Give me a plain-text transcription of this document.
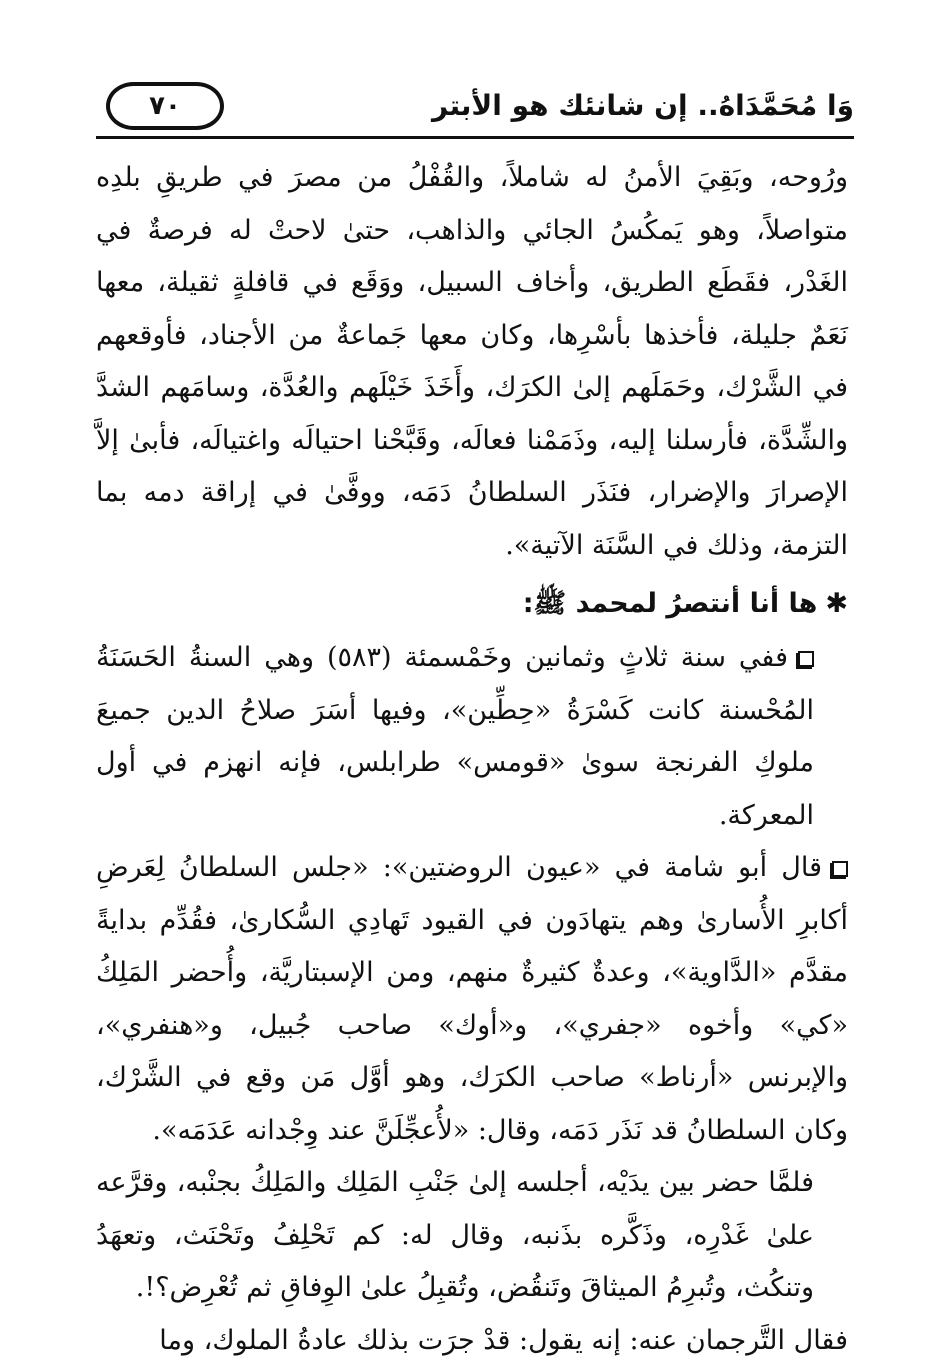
وَا مُحَمَّدَاهُ.. إن شانئك هو الأبتر
٧٠

ورُوحه، وبَقِيَ الأمنُ له شاملاً، والقُفْلُ من مصرَ في طريقِ بلدِه متواصلاً، وهو يَمكُسُ الجائي والذاهب، حتىٰ لاحتْ له فرصةٌ في الغَدْر، فقَطَع الطريق، وأخاف السبيل، ووَقَع في قافلةٍ ثقيلة، معها نَعَمٌ جليلة، فأخذها بأسْرِها، وكان معها جَماعةٌ من الأجناد، فأوقعهم في الشَّرْك، وحَمَلَهم إلىٰ الكرَك، وأَخَذَ خَيْلَهم والعُدَّة، وسامَهم الشدَّ والشِّدَّة، فأرسلنا إليه، وذَمَمْنا فعالَه، وقَبَّحْنا احتيالَه واغتيالَه، فأبىٰ إلاَّ الإصرارَ والإضرار، فنَذَر السلطانُ دَمَه، ووفَّىٰ في إراقة دمه بما التزمة، وذلك في السَّنَة الآتية».

✱ها أنا أنتصرُ لمحمد ﷺ:

ففي سنة ثلاثٍ وثمانين وخَمْسمئة (٥٨٣) وهي السنةُ الحَسَنَةُ المُحْسنة كانت كَسْرَةُ «حِطِّين»، وفيها أسَرَ صلاحُ الدين جميعَ ملوكِ الفرنجة سوىٰ «قومس» طرابلس، فإنه انهزم في أول المعركة.

قال أبو شامة في «عيون الروضتين»: «جلس السلطانُ لِعَرضِ أكابرِ الأُسارىٰ وهم يتهادَون في القيود تَهادِي السُّكارىٰ، فقُدِّم بدايةً مقدَّم «الدَّاوية»، وعدةٌ كثيرةٌ منهم، ومن الإسبتاريَّة، وأُحضر المَلِكُ «كي» وأخوه «جفري»، و«أوك» صاحب جُبيل، و«هنفري»، والإبرنس «أرناط» صاحب الكرَك، وهو أوَّل مَن وقع في الشَّرْك، وكان السلطانُ قد نَذَر دَمَه، وقال: «لأُعجِّلَنَّ عند وِجْدانه عَدَمَه».

فلمَّا حضر بين يدَيْه، أجلسه إلىٰ جَنْبِ المَلِك والمَلِكُ بجنْبه، وقرَّعه علىٰ غَدْرِه، وذَكَّره بذَنبه، وقال له: كم تَحْلِفُ وتَحْنَث، وتعهَدُ وتنكُث، وتُبرِمُ الميثاقَ وتَنقُض، وتُقبِلُ علىٰ الوِفاقِ ثم تُعْرِض؟!.

فقال التَّرجمان عنه: إنه يقول: قدْ جرَت بذلك عادةُ الملوك، وما
